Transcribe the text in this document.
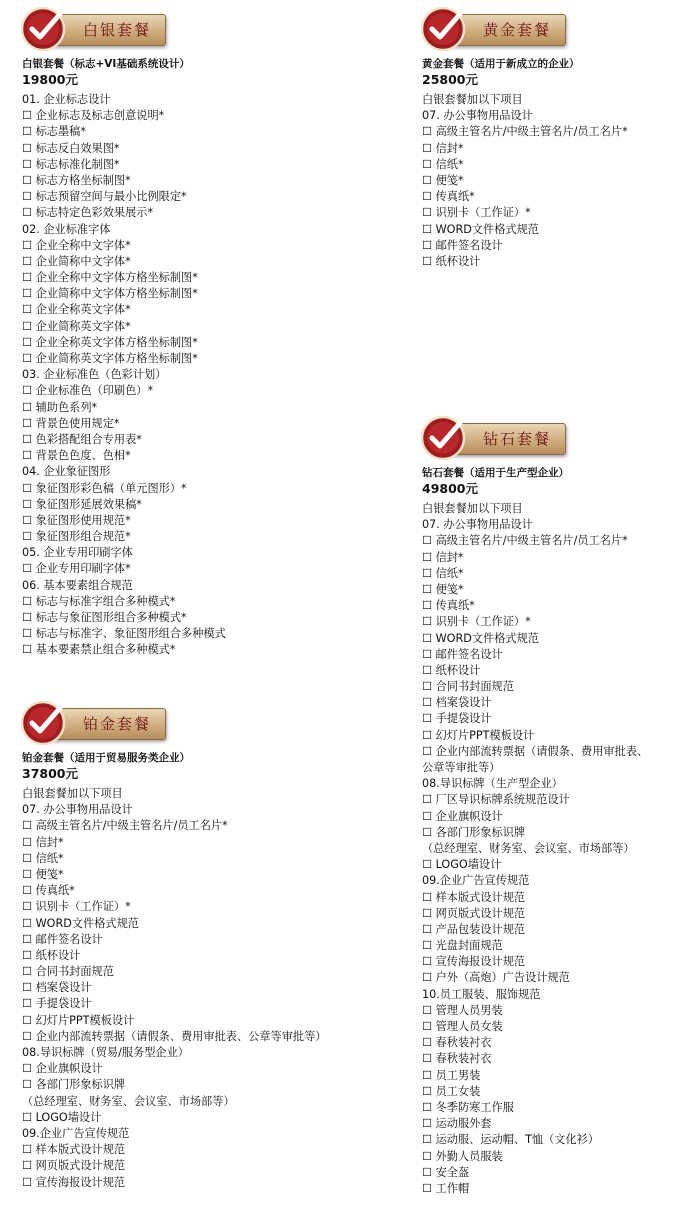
白银套餐
白银套餐（标志+VI基础系统设计）
19800元
01. 企业标志设计
☐ 企业标志及标志创意说明*
☐ 标志墨稿*
☐ 标志反白效果图*
☐ 标志标准化制图*
☐ 标志方格坐标制图*
☐ 标志预留空间与最小比例限定*
☐ 标志特定色彩效果展示*
02. 企业标准字体
☐ 企业全称中文字体*
☐ 企业简称中文字体*
☐ 企业全称中文字体方格坐标制图*
☐ 企业简称中文字体方格坐标制图*
☐ 企业全称英文字体*
☐ 企业简称英文字体*
☐ 企业全称英文字体方格坐标制图*
☐ 企业简称英文字体方格坐标制图*
03. 企业标准色（色彩计划）
☐ 企业标准色（印刷色）*
☐ 辅助色系列*
☐ 背景色使用规定*
☐ 色彩搭配组合专用表*
☐ 背景色色度、色相*
04. 企业象征图形
☐ 象征图形彩色稿（单元图形）*
☐ 象征图形延展效果稿*
☐ 象征图形使用规范*
☐ 象征图形组合规范*
05. 企业专用印刷字体
☐ 企业专用印刷字体*
06. 基本要素组合规范
☐ 标志与标准字组合多种模式*
☐ 标志与象征图形组合多种模式*
☐ 标志与标准字、象征图形组合多种模式
☐ 基本要素禁止组合多种模式*
铂金套餐
铂金套餐（适用于贸易服务类企业）
37800元
白银套餐加以下项目
07. 办公事物用品设计
☐ 高级主管名片/中级主管名片/员工名片*
☐ 信封*
☐ 信纸*
☐ 便笺*
☐ 传真纸*
☐ 识别卡（工作证）*
☐ WORD文件格式规范
☐ 邮件签名设计
☐ 纸杯设计
☐ 合同书封面规范
☐ 档案袋设计
☐ 手提袋设计
☐ 幻灯片PPT模板设计
☐ 企业内部流转票据（请假条、费用审批表、公章等审批等）
08.导识标牌（贸易/服务型企业）
☐ 企业旗帜设计
☐ 各部门形象标识牌
（总经理室、财务室、会议室、市场部等）
☐ LOGO墙设计
09.企业广告宣传规范
☐ 样本版式设计规范
☐ 网页版式设计规范
☐ 宣传海报设计规范
黄金套餐
黄金套餐（适用于新成立的企业）
25800元
白银套餐加以下项目
07. 办公事物用品设计
☐ 高级主管名片/中级主管名片/员工名片*
☐ 信封*
☐ 信纸*
☐ 便笺*
☐ 传真纸*
☐ 识别卡（工作证）*
☐ WORD文件格式规范
☐ 邮件签名设计
☐ 纸杯设计
钻石套餐
钻石套餐（适用于生产型企业）
49800元
白银套餐加以下项目
07. 办公事物用品设计
☐ 高级主管名片/中级主管名片/员工名片*
☐ 信封*
☐ 信纸*
☐ 便笺*
☐ 传真纸*
☐ 识别卡（工作证）*
☐ WORD文件格式规范
☐ 邮件签名设计
☐ 纸杯设计
☐ 合同书封面规范
☐ 档案袋设计
☐ 手提袋设计
☐ 幻灯片PPT模板设计
☐ 企业内部流转票据（请假条、费用审批表、
公章等审批等）
08.导识标牌（生产型企业）
☐ 厂区导识标牌系统规范设计
☐ 企业旗帜设计
☐ 各部门形象标识牌
（总经理室、财务室、会议室、市场部等）
☐ LOGO墙设计
09.企业广告宣传规范
☐ 样本版式设计规范
☐ 网页版式设计规范
☐ 产品包装设计规范
☐ 光盘封面规范
☐ 宣传海报设计规范
☐ 户外（高炮）广告设计规范
10.员工服装、服饰规范
☐ 管理人员男装
☐ 管理人员女装
☐ 春秋装衬衣
☐ 春秋装衬衣
☐ 员工男装
☐ 员工女装
☐ 冬季防寒工作服
☐ 运动服外套
☐ 运动服、运动帽、T恤（文化衫）
☐ 外勤人员服装
☐ 安全盔
☐ 工作帽
